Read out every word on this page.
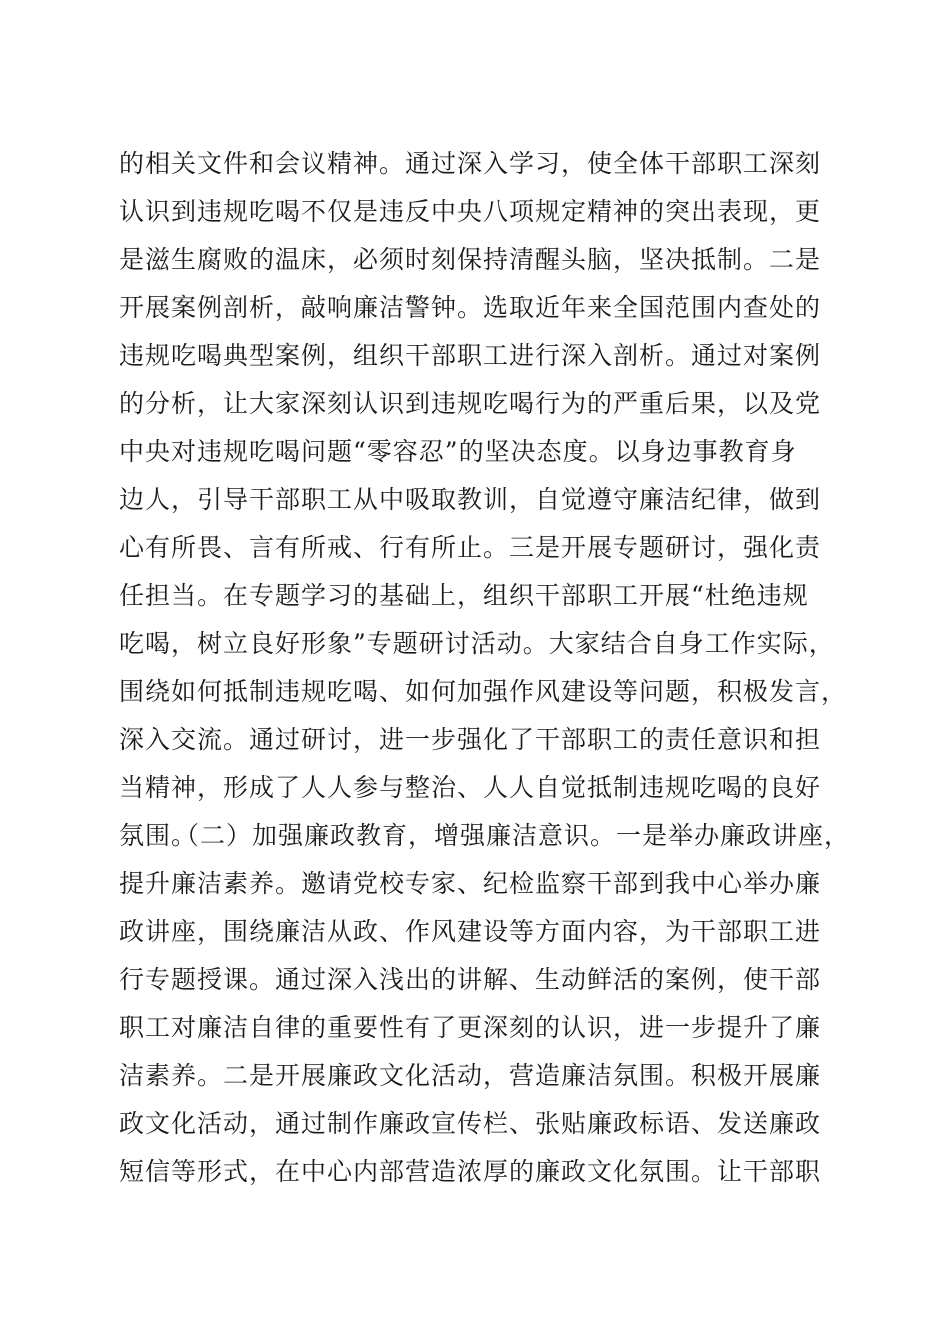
的相关文件和会议精神。通过深入学习，使全体干部职工深刻
认识到违规吃喝不仅是违反中央八项规定精神的突出表现，更
是滋生腐败的温床，必须时刻保持清醒头脑，坚决抵制。二是
开展案例剖析，敲响廉洁警钟。选取近年来全国范围内查处的
违规吃喝典型案例，组织干部职工进行深入剖析。通过对案例
的分析，让大家深刻认识到违规吃喝行为的严重后果，以及党
中央对违规吃喝问题“零容忍”的坚决态度。以身边事教育身
边人，引导干部职工从中吸取教训，自觉遵守廉洁纪律，做到
心有所畏、言有所戒、行有所止。三是开展专题研讨，强化责
任担当。在专题学习的基础上，组织干部职工开展“杜绝违规
吃喝，树立良好形象”专题研讨活动。大家结合自身工作实际，
围绕如何抵制违规吃喝、如何加强作风建设等问题，积极发言，
深入交流。通过研讨，进一步强化了干部职工的责任意识和担
当精神，形成了人人参与整治、人人自觉抵制违规吃喝的良好
氛围。
（二）加强廉政教育，增强廉洁意识。一是举办廉政讲座，
提升廉洁素养。邀请党校专家、纪检监察干部到我中心举办廉
政讲座，围绕廉洁从政、作风建设等方面内容，为干部职工进
行专题授课。通过深入浅出的讲解、生动鲜活的案例，使干部
职工对廉洁自律的重要性有了更深刻的认识，进一步提升了廉
洁素养。二是开展廉政文化活动，营造廉洁氛围。积极开展廉
政文化活动，通过制作廉政宣传栏、张贴廉政标语、发送廉政
短信等形式，在中心内部营造浓厚的廉政文化氛围。让干部职
